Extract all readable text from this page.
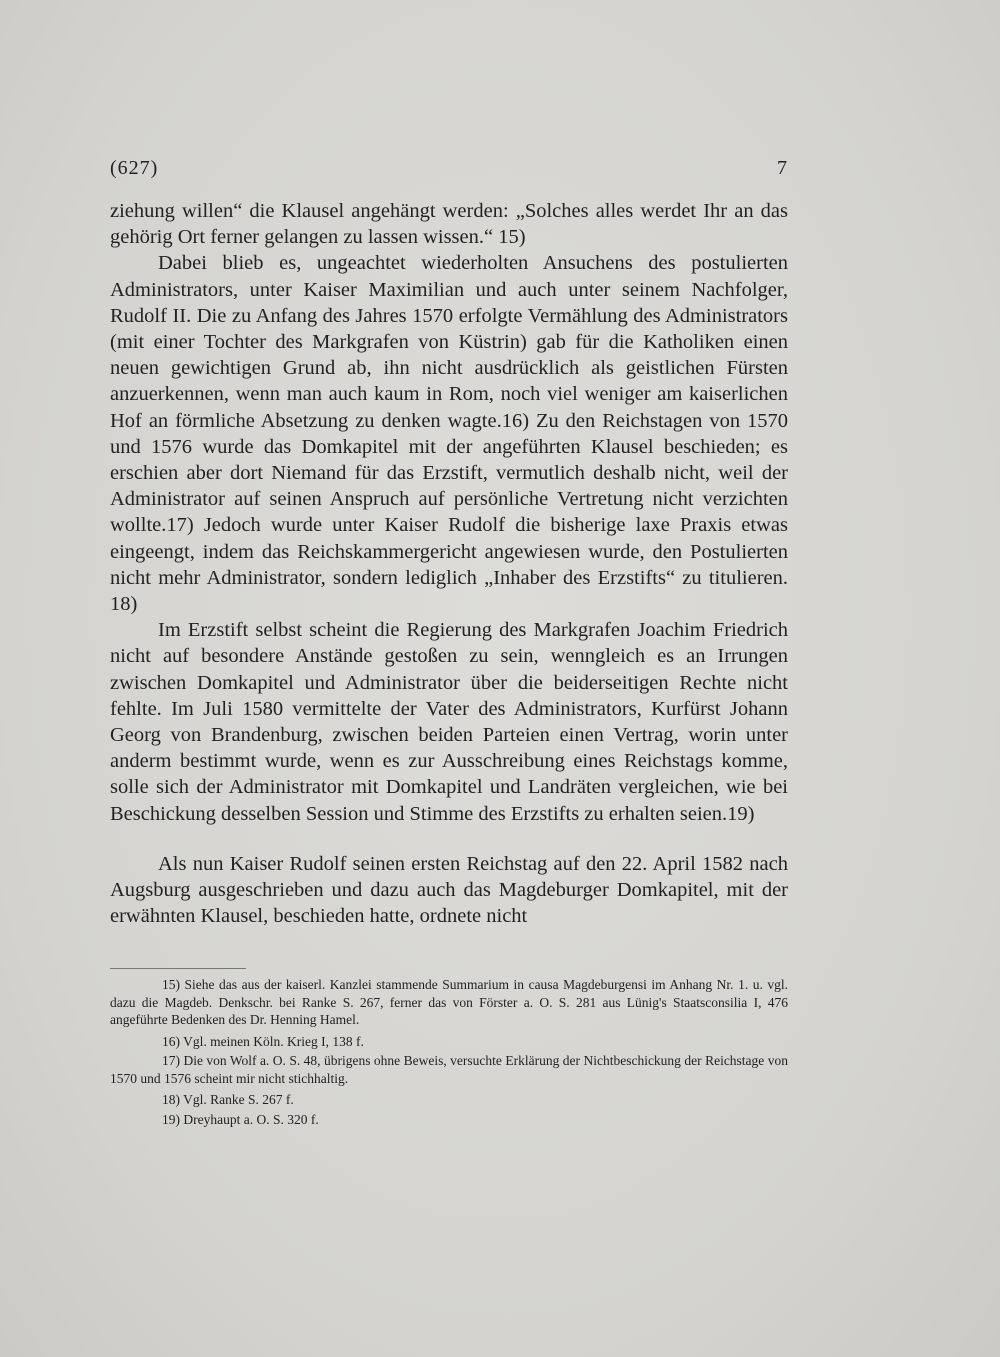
(627)	7

ziehung willen“ die Klausel angehängt werden: „Solches alles werdet Ihr an das gehörig Ort ferner gelangen zu lassen wissen.“ 15)

Dabei blieb es, ungeachtet wiederholten Ansuchens des postulierten Administrators, unter Kaiser Maximilian und auch unter seinem Nachfolger, Rudolf II. Die zu Anfang des Jahres 1570 erfolgte Vermählung des Administrators (mit einer Tochter des Markgrafen von Küstrin) gab für die Katholiken einen neuen gewichtigen Grund ab, ihn nicht ausdrücklich als geistlichen Fürsten anzuerkennen, wenn man auch kaum in Rom, noch viel weniger am kaiserlichen Hof an förmliche Absetzung zu denken wagte.16) Zu den Reichstagen von 1570 und 1576 wurde das Domkapitel mit der angeführten Klausel beschieden; es erschien aber dort Niemand für das Erzstift, vermutlich deshalb nicht, weil der Administrator auf seinen Anspruch auf persönliche Vertretung nicht verzichten wollte.17) Jedoch wurde unter Kaiser Rudolf die bisherige laxe Praxis etwas eingeengt, indem das Reichskammergericht angewiesen wurde, den Postulierten nicht mehr Administrator, sondern lediglich „Inhaber des Erzstifts“ zu titulieren. 18)

Im Erzstift selbst scheint die Regierung des Markgrafen Joachim Friedrich nicht auf besondere Anstände gestoßen zu sein, wenngleich es an Irrungen zwischen Domkapitel und Administrator über die beiderseitigen Rechte nicht fehlte. Im Juli 1580 vermittelte der Vater des Administrators, Kurfürst Johann Georg von Brandenburg, zwischen beiden Parteien einen Vertrag, worin unter anderm bestimmt wurde, wenn es zur Ausschreibung eines Reichstags komme, solle sich der Administrator mit Domkapitel und Landräten vergleichen, wie bei Beschickung desselben Session und Stimme des Erzstifts zu erhalten seien.19)

Als nun Kaiser Rudolf seinen ersten Reichstag auf den 22. April 1582 nach Augsburg ausgeschrieben und dazu auch das Magdeburger Domkapitel, mit der erwähnten Klausel, beschieden hatte, ordnete nicht

15) Siehe das aus der kaiserl. Kanzlei stammende Summarium in causa Magdeburgensi im Anhang Nr. 1. u. vgl. dazu die Magdeb. Denkschr. bei Ranke S. 267, ferner das von Förster a. O. S. 281 aus Lünig's Staatsconsilia I, 476 angeführte Bedenken des Dr. Henning Hamel.

16) Vgl. meinen Köln. Krieg I, 138 f.

17) Die von Wolf a. O. S. 48, übrigens ohne Beweis, versuchte Erklärung der Nichtbeschickung der Reichstage von 1570 und 1576 scheint mir nicht stichhaltig.

18) Vgl. Ranke S. 267 f.

19) Dreyhaupt a. O. S. 320 f.
